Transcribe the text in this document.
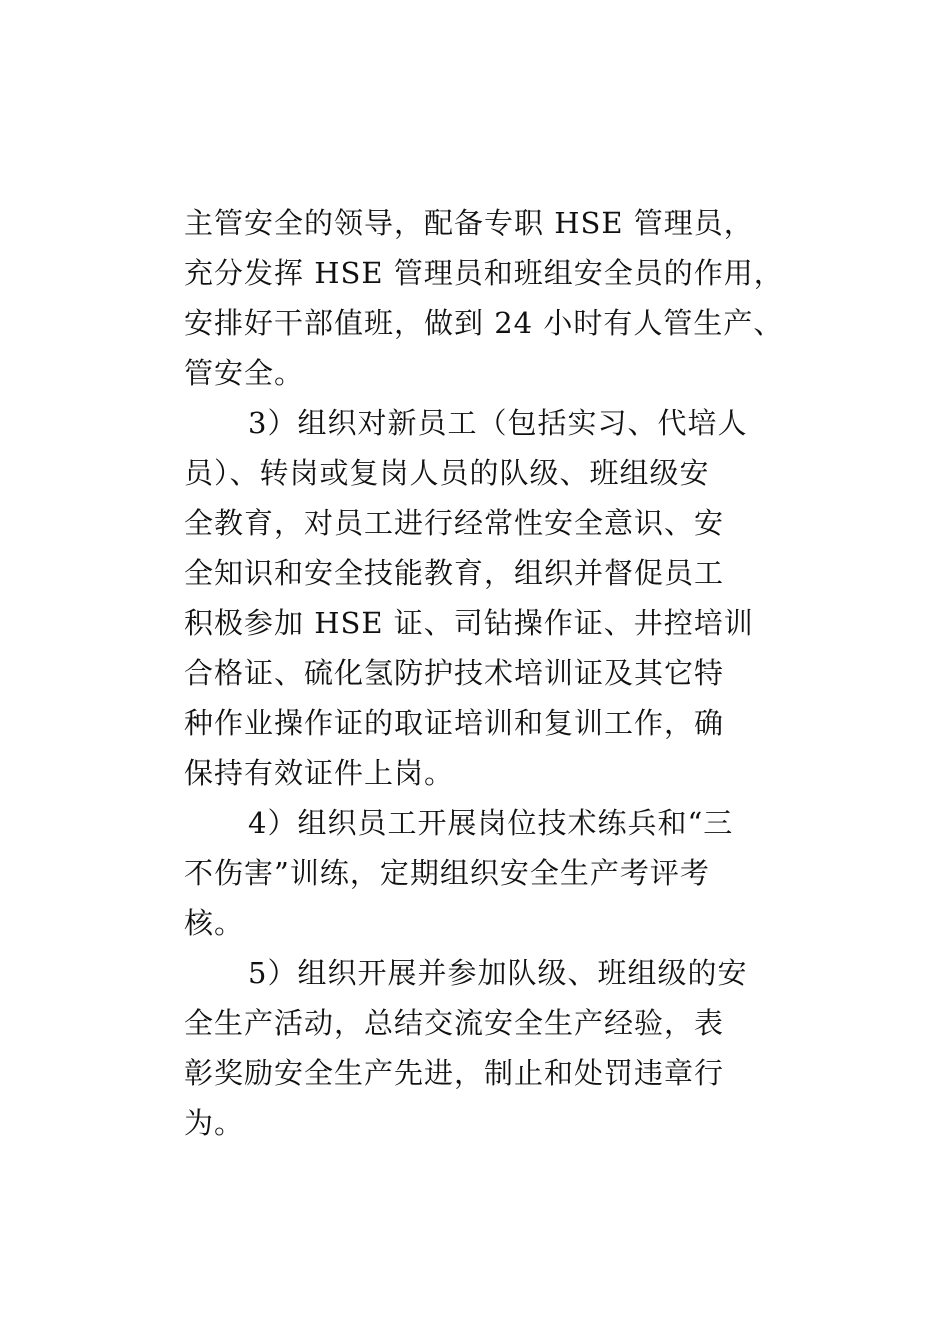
主管安全的领导，配备专职 HSE 管理员，
充分发挥 HSE 管理员和班组安全员的作用，
安排好干部值班，做到 24 小时有人管生产、
管安全。

3）组织对新员工（包括实习、代培人
员）、转岗或复岗人员的队级、班组级安
全教育，对员工进行经常性安全意识、安
全知识和安全技能教育，组织并督促员工
积极参加 HSE 证、司钻操作证、井控培训
合格证、硫化氢防护技术培训证及其它特
种作业操作证的取证培训和复训工作，确
保持有效证件上岗。

4）组织员工开展岗位技术练兵和“三
不伤害”训练，定期组织安全生产考评考
核。

5）组织开展并参加队级、班组级的安
全生产活动，总结交流安全生产经验，表
彰奖励安全生产先进，制止和处罚违章行
为。
